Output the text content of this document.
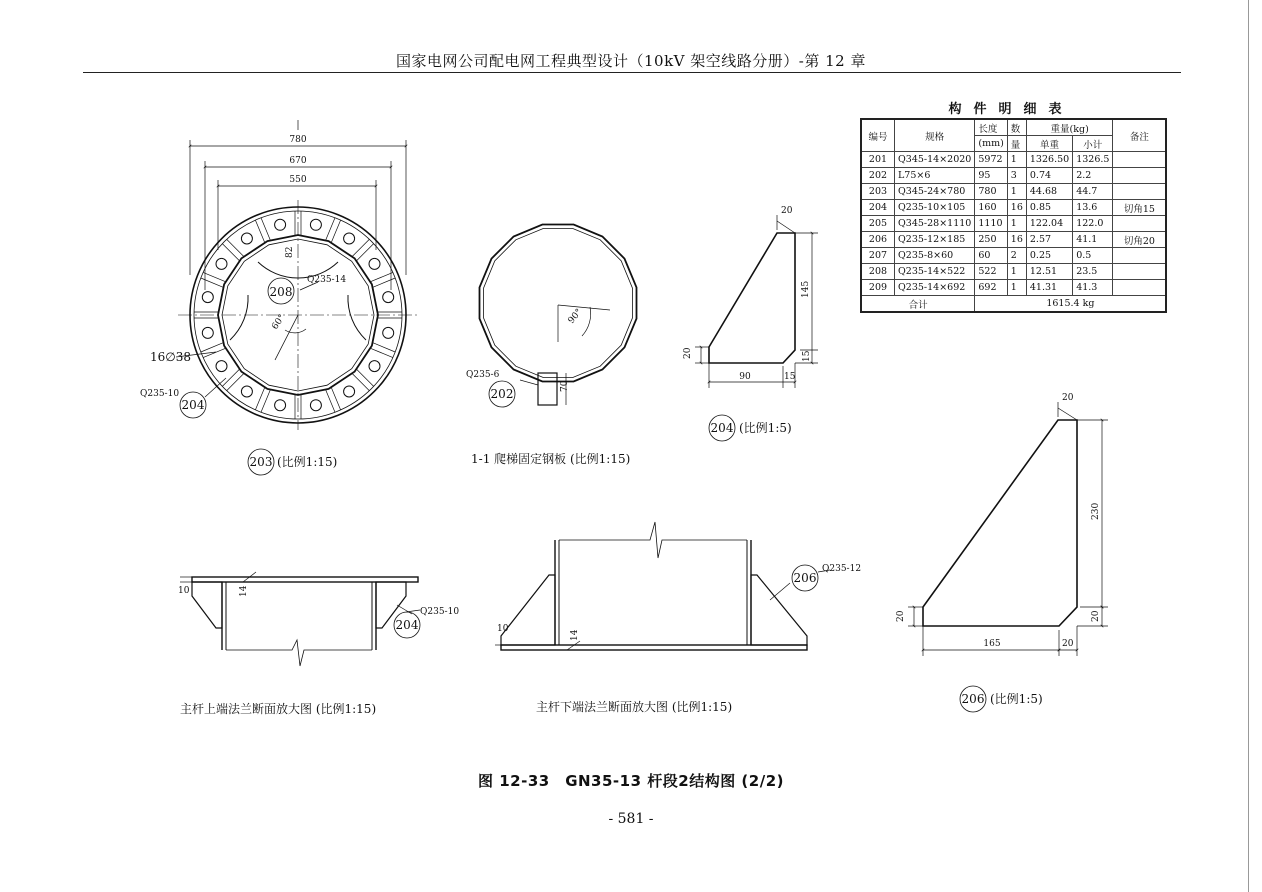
国家电网公司配电网工程典型设计（10kV 架空线路分册）-第 12 章
780
670
550
82
Q235-14
208
60°
16∅38
Q235-10
204
203 (比例1:15)
90°
Q235-6
202
70
1-1 爬梯固定钢板 (比例1:15)
20
145
20	15
90	15
204 (比例1:5)
20
230
20	20
165	20
206 (比例1:5)
10	14
Q235-10
204
主杆上端法兰断面放大图 (比例1:15)
10
14
Q235-12
206
主杆下端法兰断面放大图 (比例1:15)
构件明细表
编号	规格	长度	数	重量(kg)		备注
		(mm)	量	单重	小计	
201	Q345-14×2020	5972	1	1326.50	1326.5	
202	L75×6	95	3	0.74	2.2	
203	Q345-24×780	780	1	44.68	44.7	
204	Q235-10×105	160	16	0.85	13.6	切角15
205	Q345-28×1110	1110	1	122.04	122.0	
206	Q235-12×185	250	16	2.57	41.1	切角20
207	Q235-8×60	60	2	0.25	0.5	
208	Q235-14×522	522	1	12.51	23.5	
209	Q235-14×692	692	1	41.31	41.3	
合计		1615.4 kg				
图 12-33　GN35-13 杆段2结构图 (2/2)
- 581 -
